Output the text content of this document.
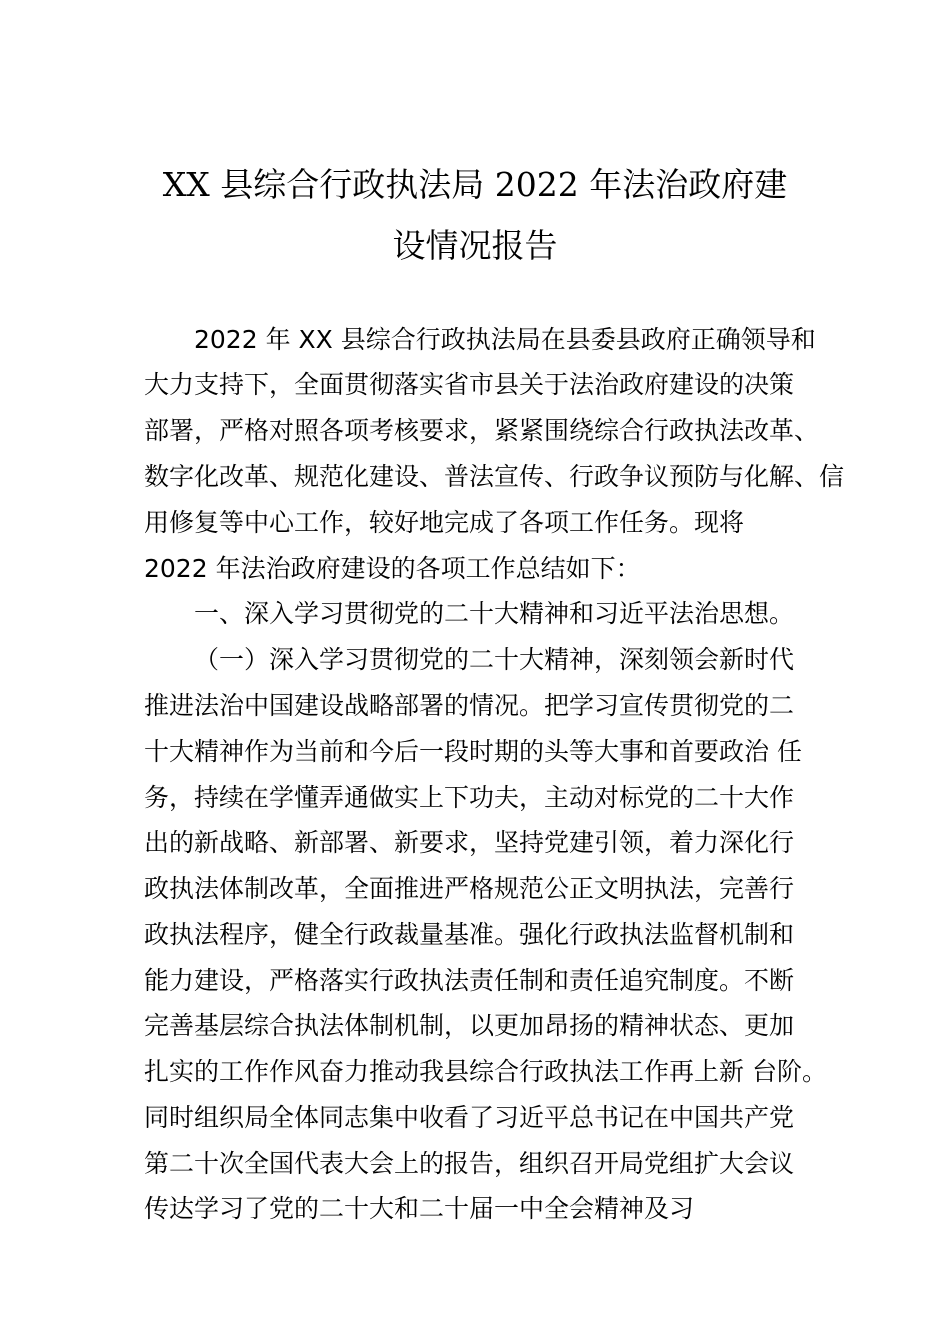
XX 县综合行政执法局 2022 年法治政府建
设情况报告
2022 年 XX 县综合行政执法局在县委县政府正确领导和
大力支持下，全面贯彻落实省市县关于法治政府建设的决策
部署，严格对照各项考核要求，紧紧围绕综合行政执法改革、
数字化改革、规范化建设、普法宣传、行政争议预防与化解、信
用修复等中心工作，较好地完成了各项工作任务。现将
2022 年法治政府建设的各项工作总结如下：
一、深入学习贯彻党的二十大精神和习近平法治思想。
（一）深入学习贯彻党的二十大精神，深刻领会新时代
推进法治中国建设战略部署的情况。把学习宣传贯彻党的二
十大精神作为当前和今后一段时期的头等大事和首要政治 任
务，持续在学懂弄通做实上下功夫，主动对标党的二十大作
出的新战略、新部署、新要求，坚持党建引领，着力深化行
政执法体制改革，全面推进严格规范公正文明执法，完善行
政执法程序，健全行政裁量基准。强化行政执法监督机制和
能力建设，严格落实行政执法责任制和责任追究制度。不断
完善基层综合执法体制机制，以更加昂扬的精神状态、更加
扎实的工作作风奋力推动我县综合行政执法工作再上新 台阶。
同时组织局全体同志集中收看了习近平总书记在中国共产党
第二十次全国代表大会上的报告，组织召开局党组扩大会议
传达学习了党的二十大和二十届一中全会精神及习
